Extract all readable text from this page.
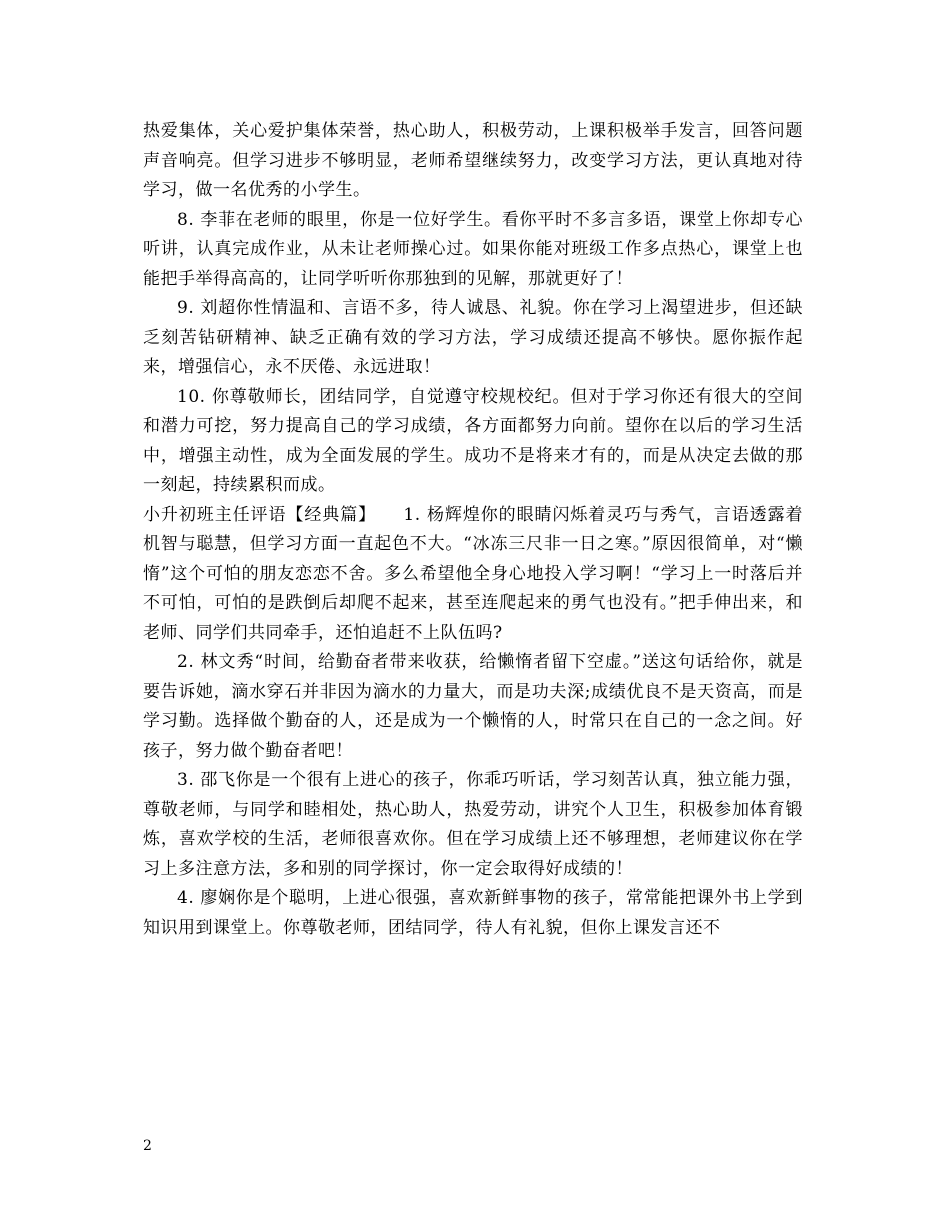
热爱集体，关心爱护集体荣誉，热心助人，积极劳动，上课积极举手发言，回答问题声音响亮。但学习进步不够明显，老师希望继续努力，改变学习方法，更认真地对待学习，做一名优秀的小学生。

8. 李菲在老师的眼里，你是一位好学生。看你平时不多言多语，课堂上你却专心听讲，认真完成作业，从未让老师操心过。如果你能对班级工作多点热心，课堂上也能把手举得高高的，让同学听听你那独到的见解，那就更好了！

9. 刘超你性情温和、言语不多，待人诚恳、礼貌。你在学习上渴望进步，但还缺乏刻苦钻研精神、缺乏正确有效的学习方法，学习成绩还提高不够快。愿你振作起来，增强信心，永不厌倦、永远进取！

10. 你尊敬师长，团结同学，自觉遵守校规校纪。但对于学习你还有很大的空间和潜力可挖，努力提高自己的学习成绩，各方面都努力向前。望你在以后的学习生活中，增强主动性，成为全面发展的学生。成功不是将来才有的，而是从决定去做的那一刻起，持续累积而成。

小升初班主任评语【经典篇】　　1. 杨辉煌你的眼睛闪烁着灵巧与秀气，言语透露着机智与聪慧，但学习方面一直起色不大。“冰冻三尺非一日之寒。”原因很简单，对“懒惰”这个可怕的朋友恋恋不舍。多么希望他全身心地投入学习啊！“学习上一时落后并不可怕，可怕的是跌倒后却爬不起来，甚至连爬起来的勇气也没有。”把手伸出来，和老师、同学们共同牵手，还怕追赶不上队伍吗?

2. 林文秀“时间，给勤奋者带来收获，给懒惰者留下空虚。”送这句话给你，就是要告诉她，滴水穿石并非因为滴水的力量大，而是功夫深;成绩优良不是天资高，而是学习勤。选择做个勤奋的人，还是成为一个懒惰的人，时常只在自己的一念之间。好孩子，努力做个勤奋者吧！

3. 邵飞你是一个很有上进心的孩子，你乖巧听话，学习刻苦认真，独立能力强，尊敬老师，与同学和睦相处，热心助人，热爱劳动，讲究个人卫生，积极参加体育锻炼，喜欢学校的生活，老师很喜欢你。但在学习成绩上还不够理想，老师建议你在学习上多注意方法，多和别的同学探讨，你一定会取得好成绩的！

4. 廖娴你是个聪明，上进心很强，喜欢新鲜事物的孩子，常常能把课外书上学到知识用到课堂上。你尊敬老师，团结同学，待人有礼貌，但你上课发言还不

2
